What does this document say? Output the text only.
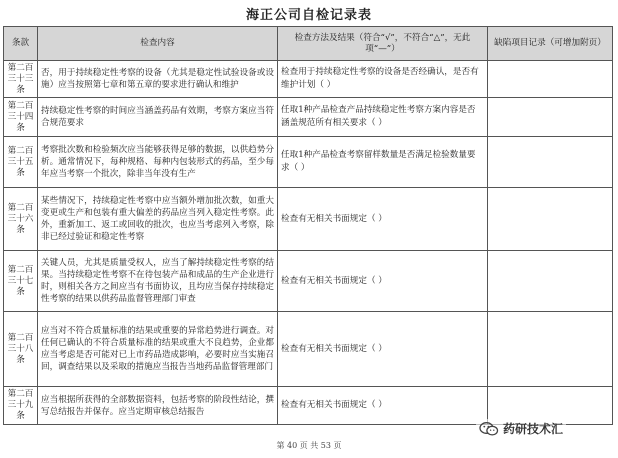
海正公司自检记录表
条款	检查内容	检查方法及结果（符合“√”，不符合“△”，无此项“—”）	缺陷项目记录（可增加附页）
第二百三十三条	否，用于持续稳定性考察的设备（尤其是稳定性试验设备或设施）应当按照第七章和第五章的要求进行确认和维护	检查用于持续稳定性考察的设备是否经确认，是否有维护计划（ ）	
第二百三十四条	持续稳定性考察的时间应当涵盖药品有效期，考察方案应当符合规范要求	任取1种产品检查产品持续稳定性考察方案内容是否涵盖规范所有相关要求（ ）	
第二百三十五条	考察批次数和检验频次应当能够获得足够的数据，以供趋势分析。通常情况下，每种规格、每种内包装形式的药品，至少每年应当考察一个批次，除非当年没有生产	任取1种产品检查考察留样数量是否满足检验数量要求（ ）	
第二百三十六条	某些情况下，持续稳定性考察中应当额外增加批次数，如重大变更或生产和包装有重大偏差的药品应当列入稳定性考察。此外，重新加工、返工或回收的批次，也应当考虑列入考察，除非已经过验证和稳定性考察	检查有无相关书面规定（ ）	
第二百三十七条	关键人员，尤其是质量受权人，应当了解持续稳定性考察的结果。当持续稳定性考察不在待包装产品和成品的生产企业进行时，则相关各方之间应当有书面协议，且均应当保存持续稳定性考察的结果以供药品监督管理部门审查	检查有无相关书面规定（ ）	
第二百三十八条	应当对不符合质量标准的结果或重要的异常趋势进行调查。对任何已确认的不符合质量标准的结果或重大不良趋势，企业都应当考虑是否可能对已上市药品造成影响，必要时应当实施召回，调查结果以及采取的措施应当报告当地药品监督管理部门	检查有无相关书面规定（ ）	
第二百三十九条	应当根据所获得的全部数据资料，包括考察的阶段性结论，撰写总结报告并保存。应当定期审核总结报告	检查有无相关书面规定（ ）	
第 40 页 共 53 页
药研技术汇
